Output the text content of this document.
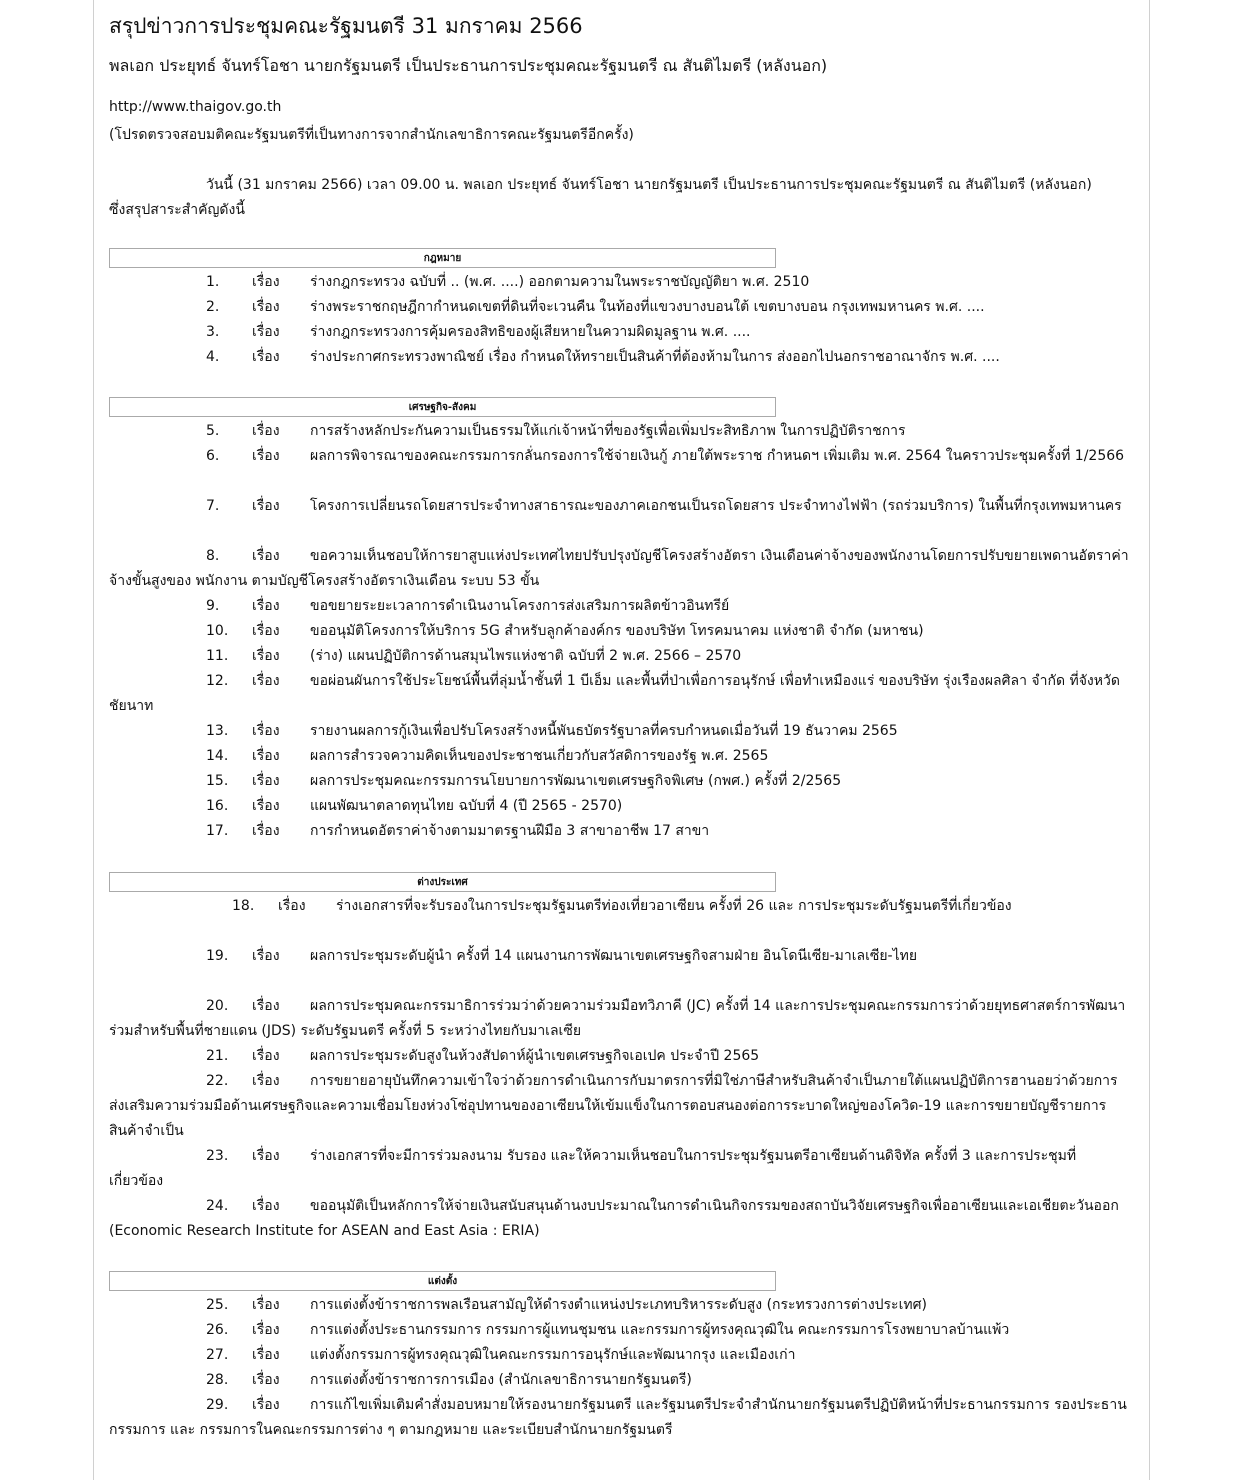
สรุปข่าวการประชุมคณะรัฐมนตรี 31 มกราคม 2566
พลเอก ประยุทธ์ จันทร์โอชา นายกรัฐมนตรี เป็นประธานการประชุมคณะรัฐมนตรี ณ สันติไมตรี (หลังนอก)
http://www.thaigov.go.th
(โปรดตรวจสอบมติคณะรัฐมนตรีที่เป็นทางการจากสำนักเลขาธิการคณะรัฐมนตรีอีกครั้ง)
วันนี้ (31 มกราคม 2566) เวลา 09.00 น. พลเอก ประยุทธ์ จันทร์โอชา นายกรัฐมนตรี เป็นประธานการประชุมคณะรัฐมนตรี ณ สันติไมตรี (หลังนอก) ซึ่งสรุปสาระสำคัญดังนี้
กฎหมาย
1. เรื่อง ร่างกฎกระทรวง ฉบับที่ .. (พ.ศ. ....) ออกตามความในพระราชบัญญัติยา พ.ศ. 2510
2. เรื่อง ร่างพระราชกฤษฎีกากำหนดเขตที่ดินที่จะเวนคืน ในท้องที่แขวงบางบอนใต้ เขตบางบอน กรุงเทพมหานคร พ.ศ. ....
3. เรื่อง ร่างกฎกระทรวงการคุ้มครองสิทธิของผู้เสียหายในความผิดมูลฐาน พ.ศ. ....
4. เรื่อง ร่างประกาศกระทรวงพาณิชย์ เรื่อง กำหนดให้ทรายเป็นสินค้าที่ต้องห้ามในการ ส่งออกไปนอกราชอาณาจักร พ.ศ. ....
เศรษฐกิจ-สังคม
5. เรื่อง การสร้างหลักประกันความเป็นธรรมให้แก่เจ้าหน้าที่ของรัฐเพื่อเพิ่มประสิทธิภาพ ในการปฏิบัติราชการ
6. เรื่อง ผลการพิจารณาของคณะกรรมการกลั่นกรองการใช้จ่ายเงินกู้ ภายใต้พระราช กำหนดฯ เพิ่มเติม พ.ศ. 2564 ในคราวประชุมครั้งที่ 1/2566
7. เรื่อง โครงการเปลี่ยนรถโดยสารประจำทางสาธารณะของภาคเอกชนเป็นรถโดยสาร ประจำทางไฟฟ้า (รถร่วมบริการ) ในพื้นที่กรุงเทพมหานคร
8. เรื่อง ขอความเห็นชอบให้การยาสูบแห่งประเทศไทยปรับปรุงบัญชีโครงสร้างอัตรา เงินเดือนค่าจ้างของพนักงานโดยการปรับขยายเพดานอัตราค่าจ้างขั้นสูงของ พนักงาน ตามบัญชีโครงสร้างอัตราเงินเดือน ระบบ 53 ขั้น
9. เรื่อง ขอขยายระยะเวลาการดำเนินงานโครงการส่งเสริมการผลิตข้าวอินทรีย์
10. เรื่อง ขออนุมัติโครงการให้บริการ 5G สำหรับลูกค้าองค์กร ของบริษัท โทรคมนาคม แห่งชาติ จำกัด (มหาชน)
11. เรื่อง (ร่าง) แผนปฏิบัติการด้านสมุนไพรแห่งชาติ ฉบับที่ 2 พ.ศ. 2566 – 2570
12. เรื่อง ขอผ่อนผันการใช้ประโยชน์พื้นที่ลุ่มน้ำชั้นที่ 1 บีเอ็ม และพื้นที่ป่าเพื่อการอนุรักษ์ เพื่อทำเหมืองแร่ ของบริษัท รุ่งเรืองผลศิลา จำกัด ที่จังหวัดชัยนาท
13. เรื่อง รายงานผลการกู้เงินเพื่อปรับโครงสร้างหนี้พันธบัตรรัฐบาลที่ครบกำหนดเมื่อวันที่ 19 ธันวาคม 2565
14. เรื่อง ผลการสำรวจความคิดเห็นของประชาชนเกี่ยวกับสวัสดิการของรัฐ พ.ศ. 2565
15. เรื่อง ผลการประชุมคณะกรรมการนโยบายการพัฒนาเขตเศรษฐกิจพิเศษ (กพศ.) ครั้งที่ 2/2565
16. เรื่อง แผนพัฒนาตลาดทุนไทย ฉบับที่ 4 (ปี 2565 - 2570)
17. เรื่อง การกำหนดอัตราค่าจ้างตามมาตรฐานฝีมือ 3 สาขาอาชีพ 17 สาขา
ต่างประเทศ
18. เรื่อง ร่างเอกสารที่จะรับรองในการประชุมรัฐมนตรีท่องเที่ยวอาเซียน ครั้งที่ 26 และ การประชุมระดับรัฐมนตรีที่เกี่ยวข้อง
19. เรื่อง ผลการประชุมระดับผู้นำ ครั้งที่ 14 แผนงานการพัฒนาเขตเศรษฐกิจสามฝ่าย อินโดนีเซีย-มาเลเซีย-ไทย
20. เรื่อง ผลการประชุมคณะกรรมาธิการร่วมว่าด้วยความร่วมมือทวิภาคี (JC) ครั้งที่ 14 และการประชุมคณะกรรมการว่าด้วยยุทธศาสตร์การพัฒนาร่วมสำหรับพื้นที่ชายแดน (JDS) ระดับรัฐมนตรี ครั้งที่ 5 ระหว่างไทยกับมาเลเซีย
21. เรื่อง ผลการประชุมระดับสูงในห้วงสัปดาห์ผู้นำเขตเศรษฐกิจเอเปค ประจำปี 2565
22. เรื่อง การขยายอายุบันทึกความเข้าใจว่าด้วยการดำเนินการกับมาตรการที่มิใช่ภาษีสำหรับสินค้าจำเป็นภายใต้แผนปฏิบัติการฮานอยว่าด้วยการส่งเสริมความร่วมมือด้านเศรษฐกิจและความเชื่อมโยงห่วงโซ่อุปทานของอาเซียนให้เข้มแข็งในการตอบสนองต่อการระบาดใหญ่ของโควิด-19 และการขยายบัญชีรายการสินค้าจำเป็น
23. เรื่อง ร่างเอกสารที่จะมีการร่วมลงนาม รับรอง และให้ความเห็นชอบในการประชุมรัฐมนตรีอาเซียนด้านดิจิทัล ครั้งที่ 3 และการประชุมที่เกี่ยวข้อง
24. เรื่อง ขออนุมัติเป็นหลักการให้จ่ายเงินสนับสนุนด้านงบประมาณในการดำเนินกิจกรรมของสถาบันวิจัยเศรษฐกิจเพื่ออาเซียนและเอเชียตะวันออก (Economic Research Institute for ASEAN and East Asia : ERIA)
แต่งตั้ง
25. เรื่อง การแต่งตั้งข้าราชการพลเรือนสามัญให้ดำรงตำแหน่งประเภทบริหารระดับสูง (กระทรวงการต่างประเทศ)
26. เรื่อง การแต่งตั้งประธานกรรมการ กรรมการผู้แทนชุมชน และกรรมการผู้ทรงคุณวุฒิใน คณะกรรมการโรงพยาบาลบ้านแพ้ว
27. เรื่อง แต่งตั้งกรรมการผู้ทรงคุณวุฒิในคณะกรรมการอนุรักษ์และพัฒนากรุง และเมืองเก่า
28. เรื่อง การแต่งตั้งข้าราชการการเมือง (สำนักเลขาธิการนายกรัฐมนตรี)
29. เรื่อง การแก้ไขเพิ่มเติมคำสั่งมอบหมายให้รองนายกรัฐมนตรี และรัฐมนตรีประจำสำนักนายกรัฐมนตรีปฏิบัติหน้าที่ประธานกรรมการ รองประธานกรรมการ และ กรรมการในคณะกรรมการต่าง ๆ ตามกฎหมาย และระเบียบสำนักนายกรัฐมนตรี
